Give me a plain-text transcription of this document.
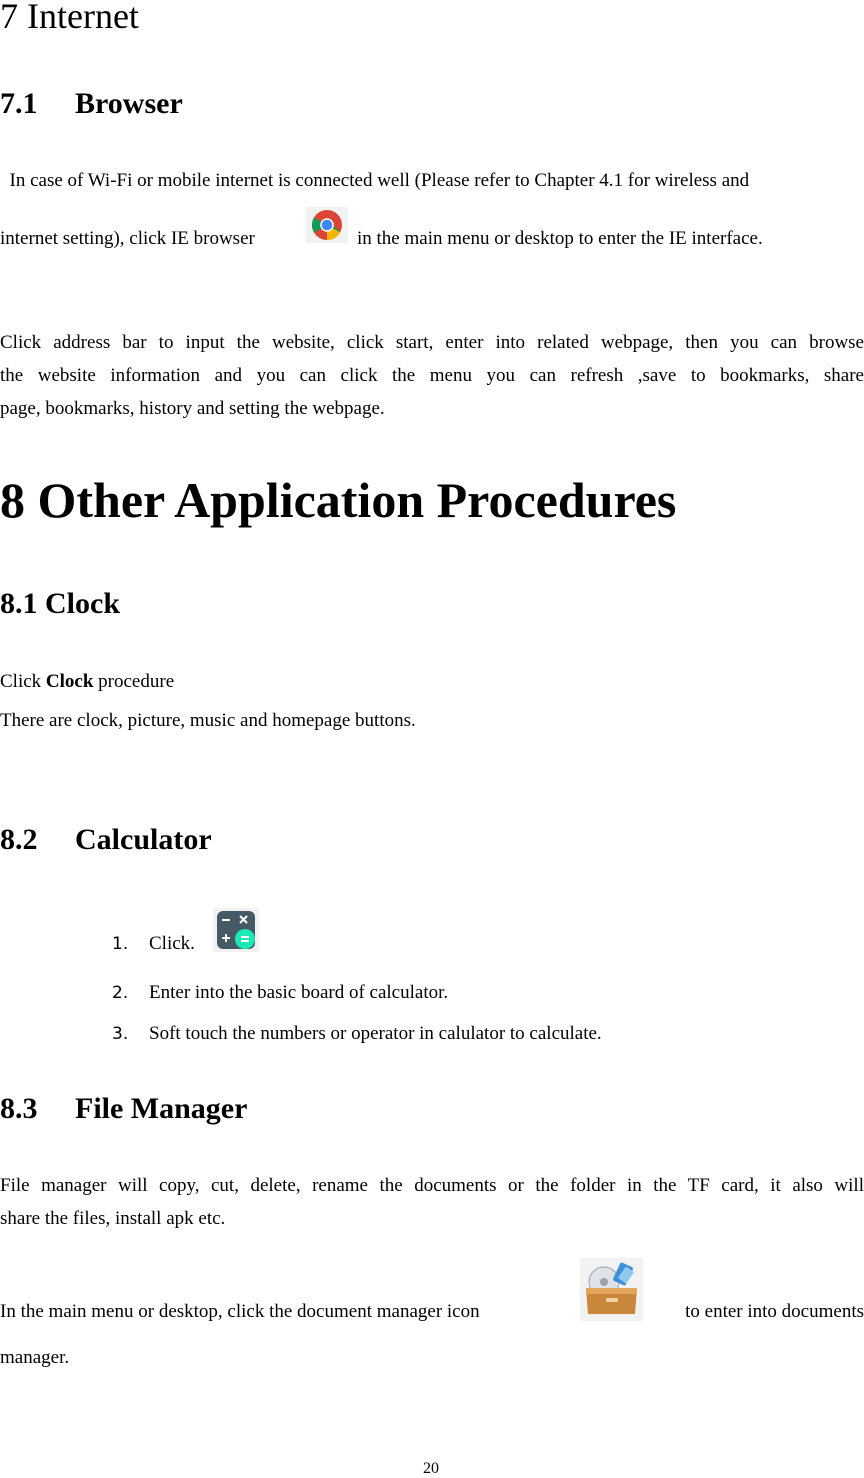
7 Internet
7.1 Browser
In case of Wi-Fi or mobile internet is connected well (Please refer to Chapter 4.1 for wireless and
internet setting), click IE browser	in the main menu or desktop to enter the IE interface.
Click address bar to input the website, click start, enter into related webpage, then you can browse
the website information and you can click the menu you can refresh ,save to bookmarks, share
page, bookmarks, history and setting the webpage.
8 Other Application Procedures
8.1 Clock
Click Clock procedure
There are clock, picture, music and homepage buttons.
8.2 Calculator
1. Click.
2. Enter into the basic board of calculator.
3. Soft touch the numbers or operator in calulator to calculate.
8.3 File Manager
File manager will copy, cut, delete, rename the documents or the folder in the TF card, it also will
share the files, install apk etc.
In the main menu or desktop, click the document manager icon	to enter into documents
manager.
20
